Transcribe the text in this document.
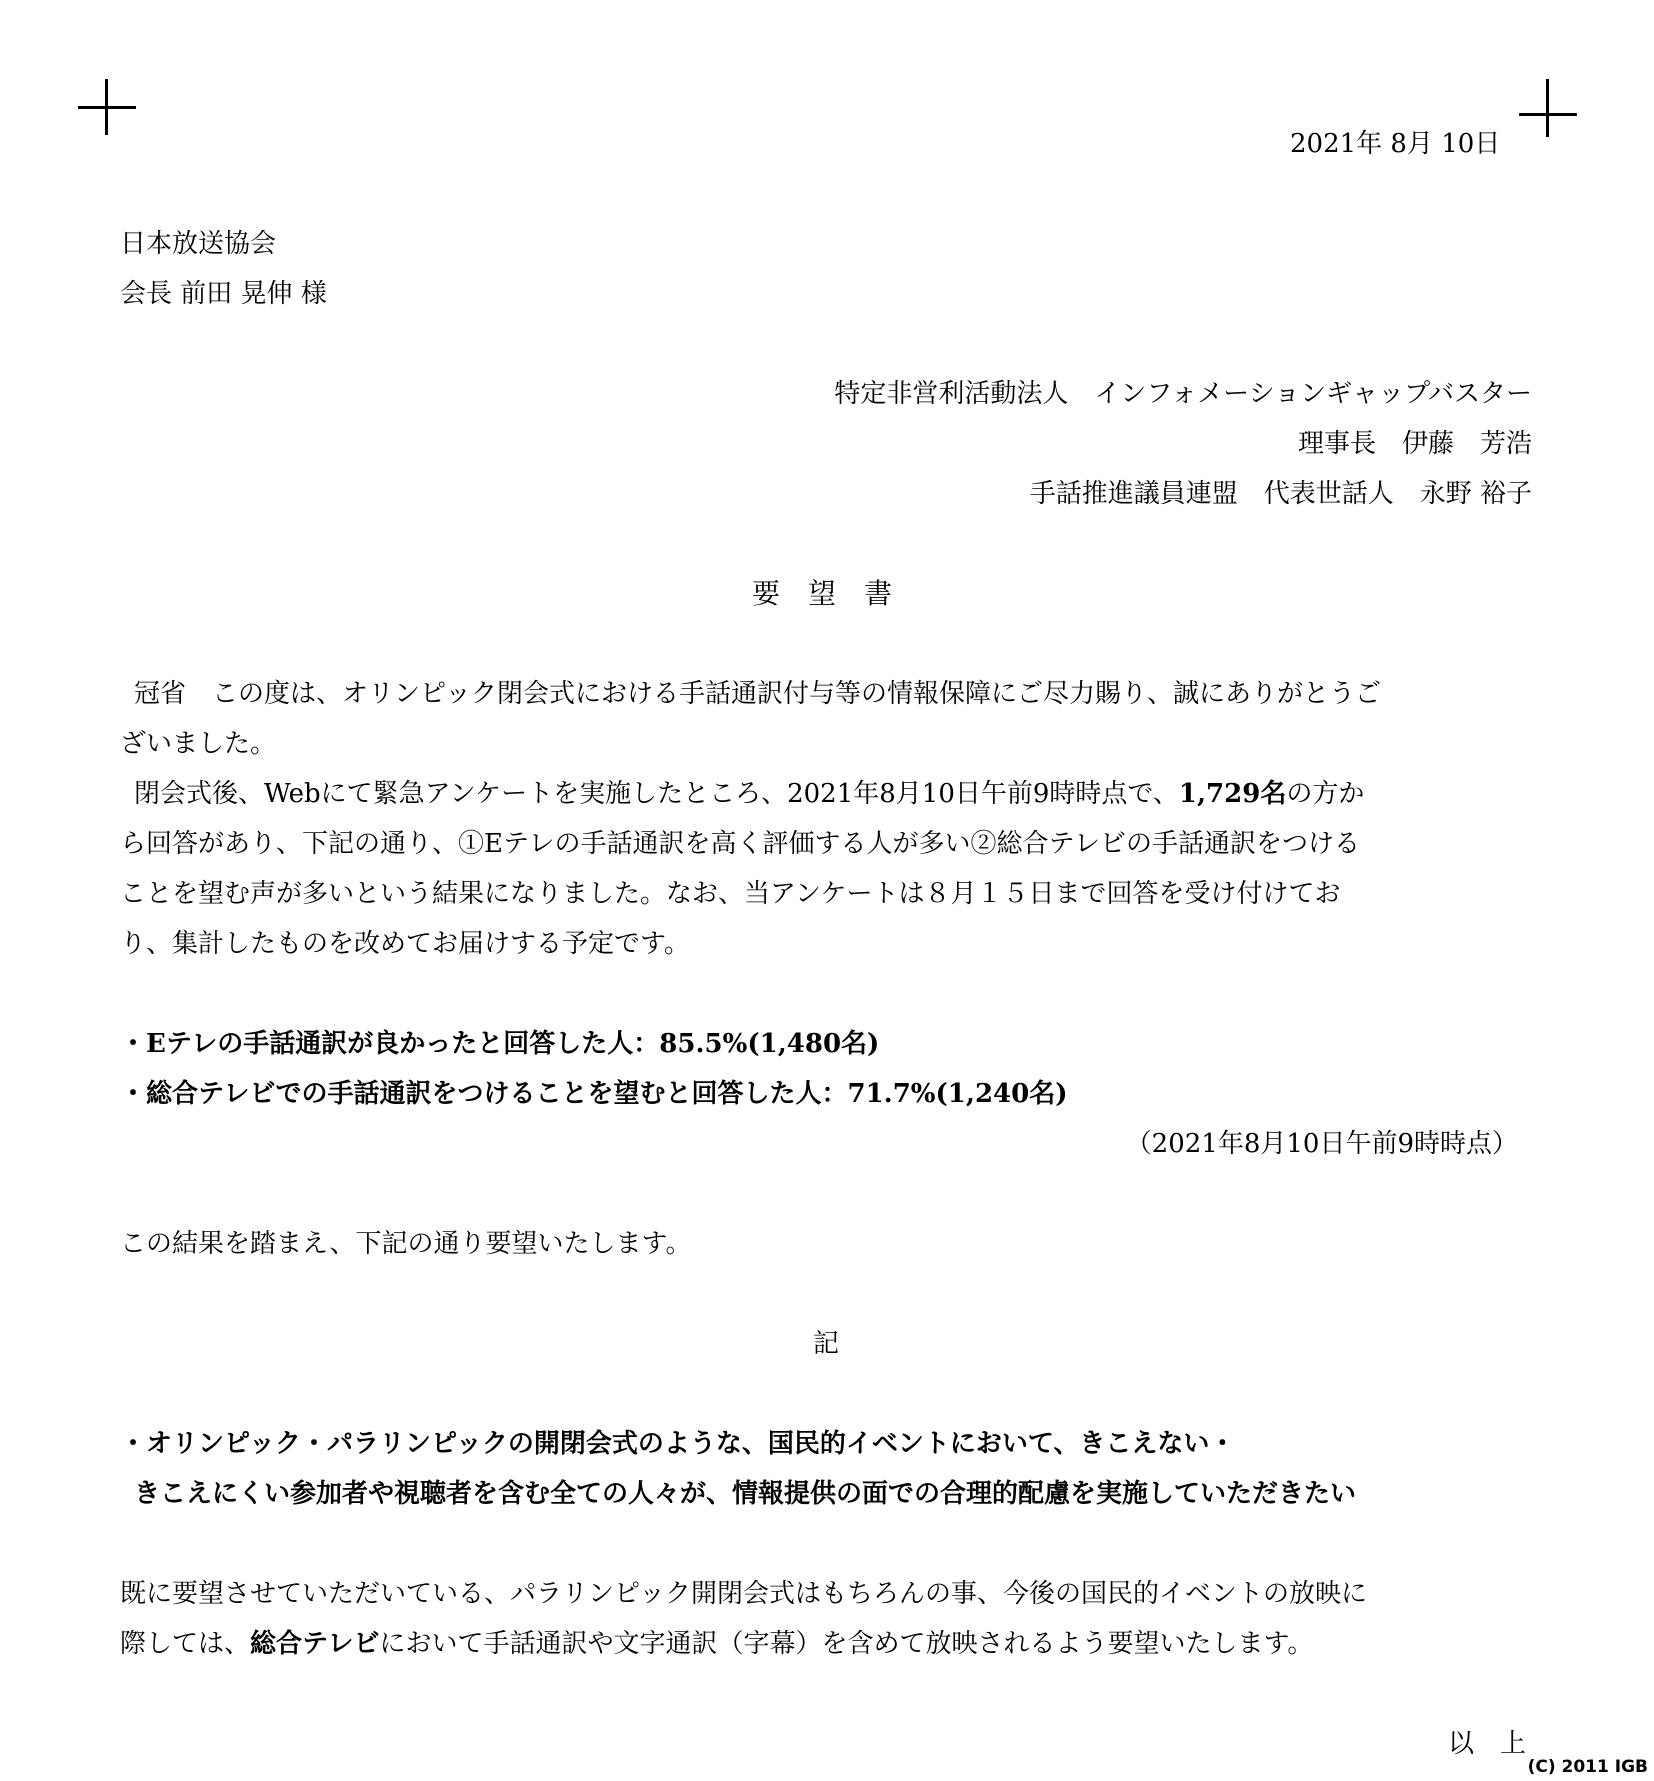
2021年 8月 10日
日本放送協会
会長 前田 晃伸 様
特定非営利活動法人　インフォメーションギャップバスター
理事長　伊藤　芳浩
手話推進議員連盟　代表世話人　永野 裕子
要　望　書
冠省　この度は、オリンピック閉会式における手話通訳付与等の情報保障にご尽力賜り、誠にありがとうご
ざいました。
閉会式後、Webにて緊急アンケートを実施したところ、2021年8月10日午前9時時点で、1,729名の方か
ら回答があり、下記の通り、①Eテレの手話通訳を高く評価する人が多い②総合テレビの手話通訳をつける
ことを望む声が多いという結果になりました。なお、当アンケートは８月１５日まで回答を受け付けてお
り、集計したものを改めてお届けする予定です。
・Eテレの手話通訳が良かったと回答した人：85.5%(1,480名)
・総合テレビでの手話通訳をつけることを望むと回答した人：71.7%(1,240名)
（2021年8月10日午前9時時点）
この結果を踏まえ、下記の通り要望いたします。
記
・オリンピック・パラリンピックの開閉会式のような、国民的イベントにおいて、きこえない・
きこえにくい参加者や視聴者を含む全ての人々が、情報提供の面での合理的配慮を実施していただきたい
既に要望させていただいている、パラリンピック開閉会式はもちろんの事、今後の国民的イベントの放映に
際しては、総合テレビにおいて手話通訳や文字通訳（字幕）を含めて放映されるよう要望いたします。
以　上
(C) 2011 IGB
